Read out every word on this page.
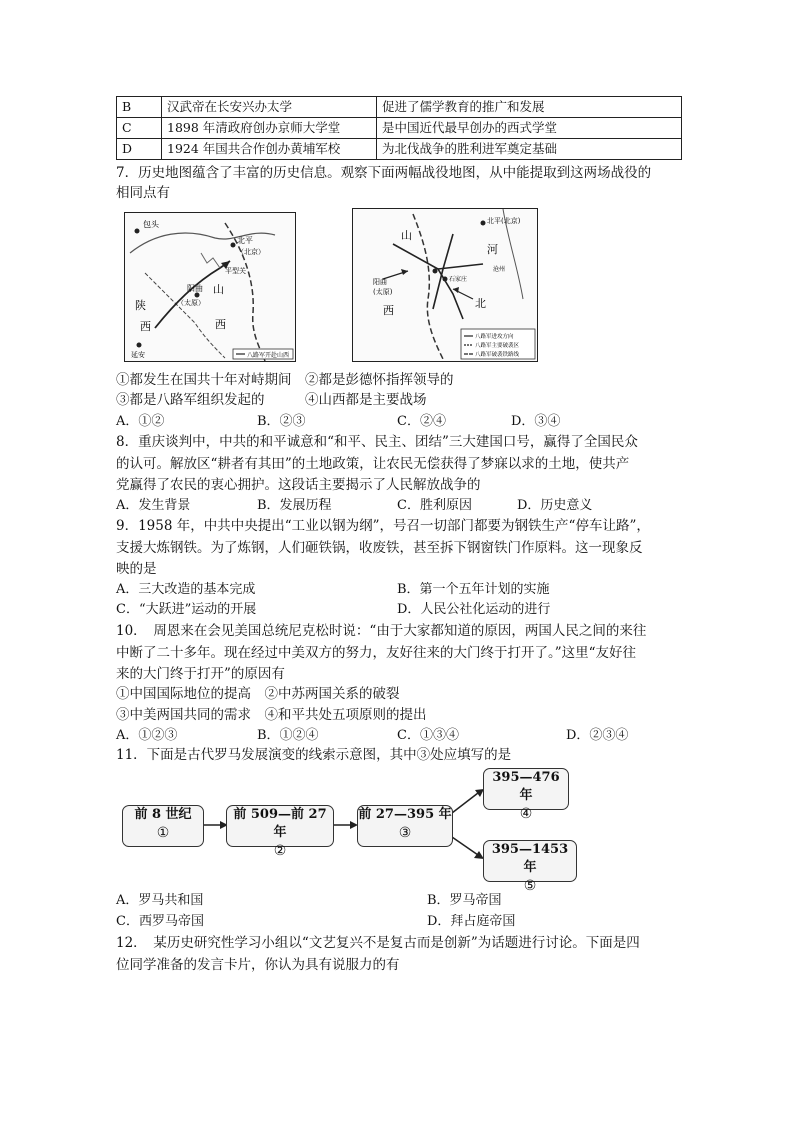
B	汉武帝在长安兴办太学	促进了儒学教育的推广和发展
C	1898 年清政府创办京师大学堂	是中国近代最早创办的西式学堂
D	1924 年国共合作创办黄埔军校	为北伐战争的胜利进军奠定基础
7．历史地图蕴含了丰富的历史信息。观察下面两幅战役地图，从中能提取到这两场战役的
相同点有
包头
北平
（北京）
平型关
阳曲
（太原）
山
西
陕
西
延安	八路军开赴山西
北平(北京)
河
北
山
西
阳曲
(太原)
石家庄
沧州
八路军进攻方向
八路军主要破袭区
八路军破袭铁路线
①都发生在国共十年对峙期间　②都是彭德怀指挥领导的
③都是八路军组织发起的　　　④山西都是主要战场
A．①②	B．②③	C．②④	D．③④
8．重庆谈判中，中共的和平诚意和“和平、民主、团结”三大建国口号，赢得了全国民众
的认可。解放区“耕者有其田”的土地政策，让农民无偿获得了梦寐以求的土地，使共产
党赢得了农民的衷心拥护。这段话主要揭示了人民解放战争的
A．发生背景	B．发展历程	C．胜利原因	D．历史意义
9．1958 年，中共中央提出“工业以钢为纲”，号召一切部门都要为钢铁生产“停车让路”，
支援大炼钢铁。为了炼钢，人们砸铁锅，收废铁，甚至拆下钢窗铁门作原料。这一现象反
映的是
A．三大改造的基本完成	B．第一个五年计划的实施
C．“大跃进”运动的开展	D．人民公社化运动的进行
10．　周恩来在会见美国总统尼克松时说：“由于大家都知道的原因，两国人民之间的来往
中断了二十多年。现在经过中美双方的努力，友好往来的大门终于打开了。”这里“友好往
来的大门终于打开”的原因有
①中国国际地位的提高　②中苏两国关系的破裂
③中美两国共同的需求　④和平共处五项原则的提出
A．①②③	B．①②④	C．①③④	D．②③④
11．下面是古代罗马发展演变的线索示意图，其中③处应填写的是
前 8 世纪
①
前 509—前 27 年
②
前 27—395 年
③
395—476 年
④
395—1453 年
⑤
A．罗马共和国	B．罗马帝国
C．西罗马帝国	D．拜占庭帝国
12．　某历史研究性学习小组以“文艺复兴不是复古而是创新”为话题进行讨论。下面是四
位同学准备的发言卡片，你认为具有说服力的有
